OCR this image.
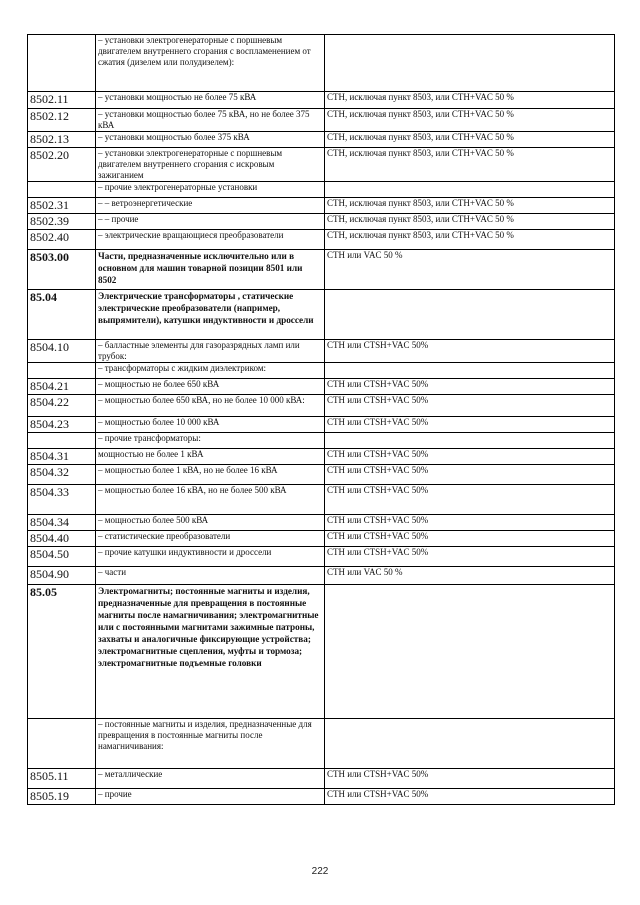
	– установки электрогенераторные с поршневым двигателем внутреннего сгорания с воспламенением от сжатия (дизелем или полудизелем):	
8502.11	– установки мощностью не более 75 кВА	СТН, исключая пункт 8503, или СТН+VAC 50 %
8502.12	– установки мощностью более 75 кВА, но не более 375 кВА	СТН, исключая пункт 8503, или СТН+VAC 50 %
8502.13	– установки мощностью более 375 кВА	СТН, исключая пункт 8503, или СТН+VAC 50 %
8502.20	– установки электрогенераторные с поршневым двигателем внутреннего сгорания с искровым зажиганием	СТН, исключая пункт 8503, или СТН+VAC 50 %
	– прочие электрогенераторные установки	
8502.31	– – ветроэнергетические	СТН, исключая пункт 8503, или СТН+VAC 50 %
8502.39	– – прочие	СТН, исключая пункт 8503, или СТН+VAC 50 %
8502.40	– электрические вращающиеся преобразователи	СТН, исключая пункт 8503, или СТН+VAC 50 %
8503.00	Части, предназначенные исключительно или в основном для машин товарной позиции 8501 или 8502	СТН или VAC 50 %
85.04	Электрические трансформаторы , статические электрические преобразователи (например, выпрямители), катушки индуктивности и дроссели	
8504.10	– балластные элементы для газоразрядных ламп или трубок:	СТН или CTSH+VAC 50%
	– трансформаторы с жидким диэлектриком:	
8504.21	– мощностью не более 650 кВА	СТН или CTSH+VAC 50%
8504.22	– мощностью более 650 кВА, но не более 10 000 кВА:	СТН или CTSH+VAC 50%
8504.23	– мощностью более 10 000 кВА	СТН или CTSH+VAC 50%
	– прочие трансформаторы:	
8504.31	мощностью не более 1 кВА	СТН или CTSH+VAC 50%
8504.32	– мощностью более 1 кВА, но не более 16 кВА	СТН или CTSH+VAC 50%
8504.33	– мощностью более 16 кВА, но не более 500 кВА	СТН или CTSH+VAC 50%
8504.34	– мощностью более 500 кВА	СТН или CTSH+VAC 50%
8504.40	– статистические преобразователи	СТН или CTSH+VAC 50%
8504.50	– прочие катушки индуктивности и дроссели	СТН или CTSH+VAC 50%
8504.90	– части	СТН или VAC 50 %
85.05	Электромагниты; постоянные магниты и изделия, предназначенные для превращения в постоянные магниты после намагничивания; электромагнитные или с постоянными магнитами зажимные патроны, захваты и аналогичные фиксирующие устройства; электромагнитные сцепления, муфты и тормоза; электромагнитные подъемные головки	
	– постоянные магниты и изделия, предназначенные для превращения в постоянные магниты после намагничивания:	
8505.11	– металлические	СТН или CTSH+VAC 50%
8505.19	– прочие	СТН или CTSH+VAC 50%
222
